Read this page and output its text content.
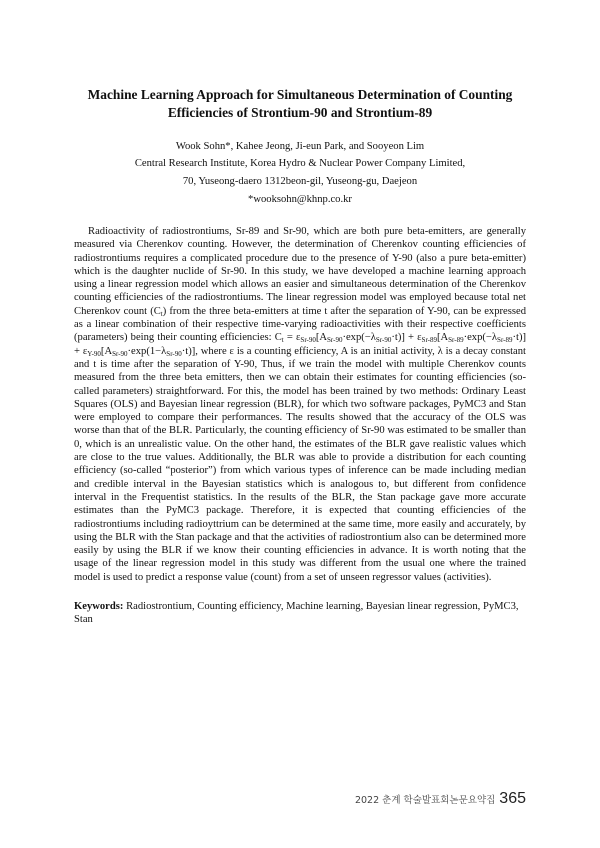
Machine Learning Approach for Simultaneous Determination of Counting
Efficiencies of Strontium-90 and Strontium-89
Wook Sohn*, Kahee Jeong, Ji-eun Park, and Sooyeon Lim
Central Research Institute, Korea Hydro & Nuclear Power Company Limited,
70, Yuseong-daero 1312beon-gil, Yuseong-gu, Daejeon
*wooksohn@khnp.co.kr

Radioactivity of radiostrontiums, Sr-89 and Sr-90, which are both pure beta-emitters, are generally measured via Cherenkov counting. However, the determination of Cherenkov counting efficiencies of radiostrontiums requires a complicated procedure due to the presence of Y-90 (also a pure beta-emitter) which is the daughter nuclide of Sr-90. In this study, we have developed a machine learning approach using a linear regression model which allows an easier and simultaneous determination of the Cherenkov counting efficiencies of the radiostrontiums. The linear regression model was employed because total net Cherenkov count $(C_t)$ from the three beta-emitters at time t after the separation of Y-90, can be expressed as a linear combination of their respective time-varying radioactivities with their respective coefficients (parameters) being their counting efficiencies: $C_t = \varepsilon_{Sr-90}[A_{Sr-90}\cdot\exp(-\lambda_{Sr-90}\cdot t)] + \varepsilon_{Sr-89}[A_{Sr-89}\cdot\exp(-\lambda_{Sr-89}\cdot t)] + \varepsilon_{Y-90}[A_{Sr-90}\cdot\exp(1-\lambda_{Sr-90}\cdot t)]$, where ε is a counting efficiency, A is an initial activity, λ is a decay constant and t is time after the separation of Y-90, Thus, if we train the model with multiple Cherenkov counts measured from the three beta emitters, then we can obtain their estimates for counting efficiencies (so-called parameters) straightforward. For this, the model has been trained by two methods: Ordinary Least Squares (OLS) and Bayesian linear regression (BLR), for which two software packages, PyMC3 and Stan were employed to compare their performances. The results showed that the accuracy of the OLS was worse than that of the BLR. Particularly, the counting efficiency of Sr-90 was estimated to be smaller than 0, which is an unrealistic value. On the other hand, the estimates of the BLR gave realistic values which are close to the true values. Additionally, the BLR was able to provide a distribution for each counting efficiency (so-called “posterior”) from which various types of inference can be made including median and credible interval in the Bayesian statistics which is analogous to, but different from confidence interval in the Frequentist statistics. In the results of the BLR, the Stan package gave more accurate estimates than the PyMC3 package. Therefore, it is expected that counting efficiencies of the radiostrontiums including radioyttrium can be determined at the same time, more easily and accurately, by using the BLR with the Stan package and that the activities of radiostrontium also can be determined more easily by using the BLR if we know their counting efficiencies in advance. It is worth noting that the usage of the linear regression model in this study was different from the usual one where the trained model is used to predict a response value (count) from a set of unseen regressor values (activities).

Keywords: Radiostrontium, Counting efficiency, Machine learning, Bayesian linear regression, PyMC3, Stan

2022 춘계 학술발표회논문요약집 365
